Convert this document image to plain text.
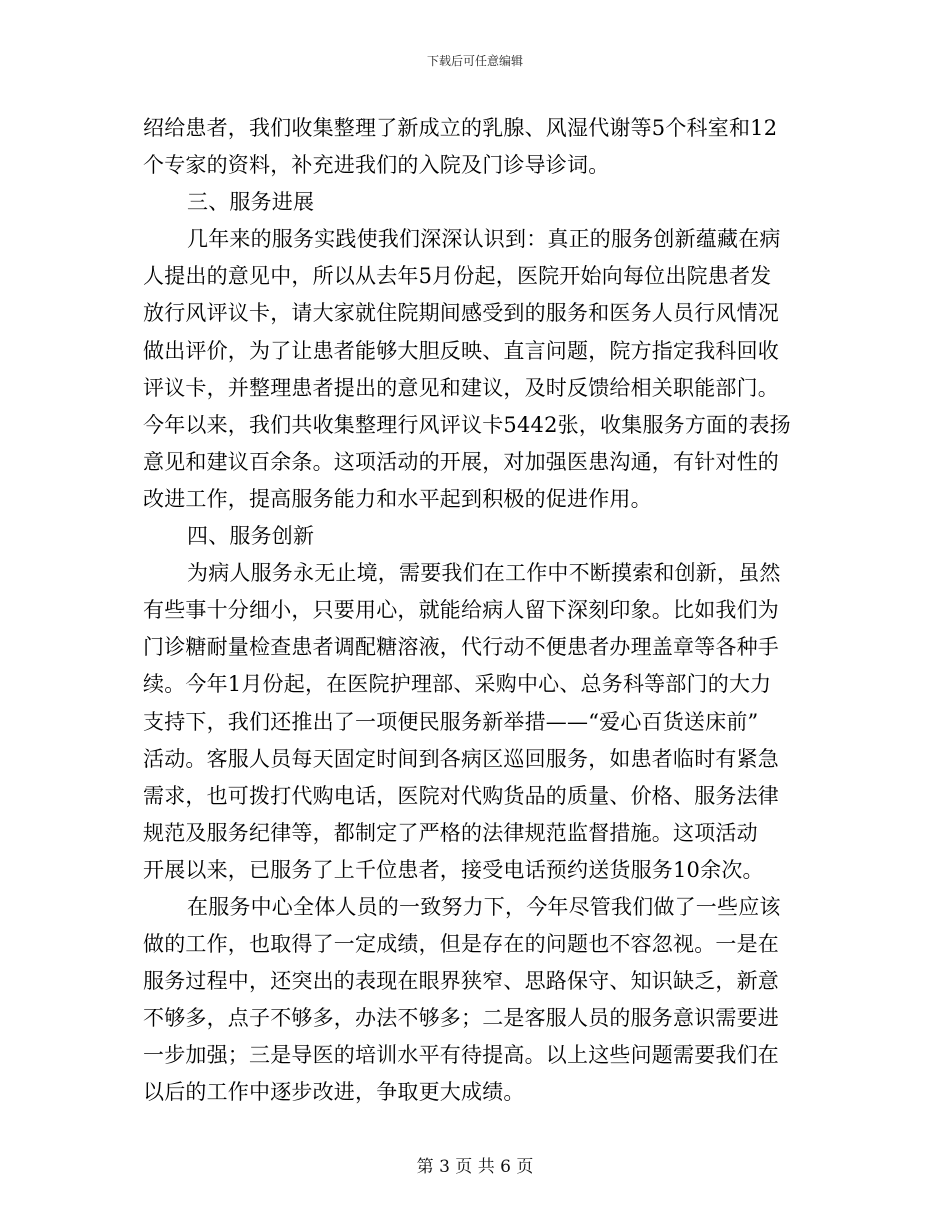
下载后可任意编辑
绍给患者，我们收集整理了新成立的乳腺、风湿代谢等5个科室和12
个专家的资料，补充进我们的入院及门诊导诊词。
三、服务进展
几年来的服务实践使我们深深认识到：真正的服务创新蕴藏在病
人提出的意见中，所以从去年5月份起，医院开始向每位出院患者发
放行风评议卡，请大家就住院期间感受到的服务和医务人员行风情况
做出评价，为了让患者能够大胆反映、直言问题，院方指定我科回收
评议卡，并整理患者提出的意见和建议，及时反馈给相关职能部门。
今年以来，我们共收集整理行风评议卡5442张，收集服务方面的表扬
意见和建议百余条。这项活动的开展，对加强医患沟通，有针对性的
改进工作，提高服务能力和水平起到积极的促进作用。
四、服务创新
为病人服务永无止境，需要我们在工作中不断摸索和创新，虽然
有些事十分细小，只要用心，就能给病人留下深刻印象。比如我们为
门诊糖耐量检查患者调配糖溶液，代行动不便患者办理盖章等各种手
续。今年1月份起，在医院护理部、采购中心、总务科等部门的大力
支持下，我们还推出了一项便民服务新举措——“爱心百货送床前”
活动。客服人员每天固定时间到各病区巡回服务，如患者临时有紧急
需求，也可拨打代购电话，医院对代购货品的质量、价格、服务法律
规范及服务纪律等，都制定了严格的法律规范监督措施。这项活动
开展以来，已服务了上千位患者，接受电话预约送货服务10余次。
在服务中心全体人员的一致努力下，今年尽管我们做了一些应该
做的工作，也取得了一定成绩，但是存在的问题也不容忽视。一是在
服务过程中，还突出的表现在眼界狭窄、思路保守、知识缺乏，新意
不够多，点子不够多，办法不够多；二是客服人员的服务意识需要进
一步加强；三是导医的培训水平有待提高。以上这些问题需要我们在
以后的工作中逐步改进，争取更大成绩。
第 3 页 共 6 页
